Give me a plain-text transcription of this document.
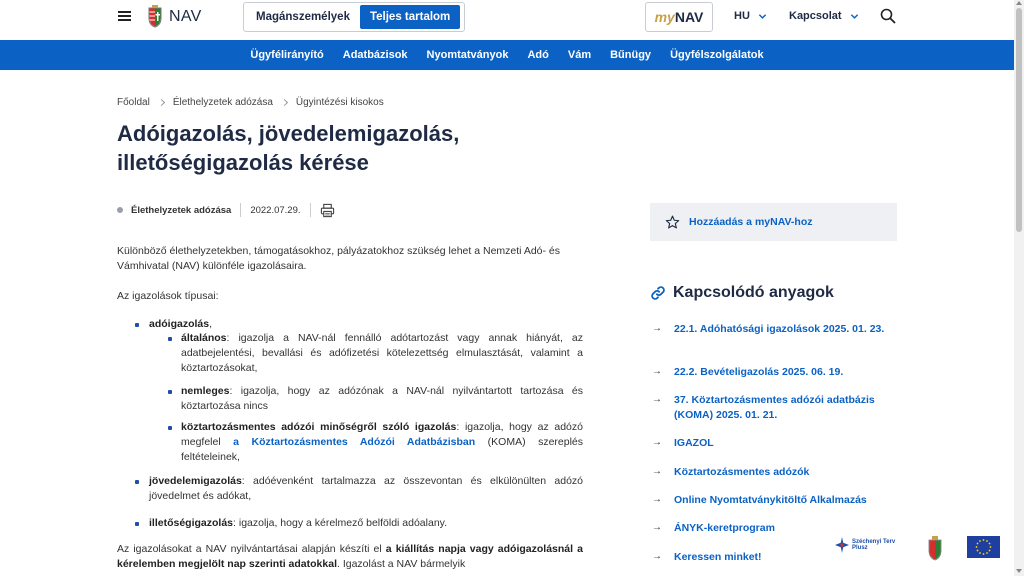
NAV	Magánszemélyek	Teljes tartalom	my NAV	HU	Kapcsolat
Ügyfélirányító Adatbázisok Nyomtatványok Adó Vám Bűnügy Ügyfélszolgálatok
Főoldal Élethelyzetek adózása Ügyintézési kisokos
Adóigazolás, jövedelemigazolás, illetőségigazolás kérése
Élethelyzetek adózása 2022.07.29.

Különböző élethelyzetekben, támogatásokhoz, pályázatokhoz szükség lehet a Nemzeti Adó- és Vámhivatal (NAV) különféle igazolásaira.

Az igazolások típusai:

adóigazolás,
általános: igazolja a NAV-nál fennálló adótartozást vagy annak hiányát, az adatbejelentési, bevallási és adófizetési kötelezettség elmulasztását, valamint a köztartozásokat,
nemleges: igazolja, hogy az adózónak a NAV-nál nyilvántartott tartozása és köztartozása nincs
köztartozásmentes adózói minőségről szóló igazolás: igazolja, hogy az adózó megfelel a Köztartozásmentes Adózói Adatbázisban (KOMA) szereplés feltételeinek,
jövedelemigazolás: adóévenként tartalmazza az összevontan és elkülönülten adózó jövedelmet és adókat,
illetőségigazolás: igazolja, hogy a kérelmező belföldi adóalany.

Az igazolásokat a NAV nyilvántartásai alapján készíti el a kiállítás napja vagy adóigazolásnál a kérelemben megjelölt nap szerinti adatokkal. Igazolást a NAV bármelyik

Hozzáadás a myNAV-hoz
Kapcsolódó anyagok
→ 22.1. Adóhatósági igazolások 2025. 01. 23.
→ 22.2. Bevételigazolás 2025. 06. 19.
→ 37. Köztartozásmentes adózói adatbázis (KOMA) 2025. 01. 21.
→ IGAZOL
→ Köztartozásmentes adózók
→ Online Nyomtatványkitöltő Alkalmazás
→ ÁNYK-keretprogram
→ Keressen minket!
Széchenyi Terv
Plusz
